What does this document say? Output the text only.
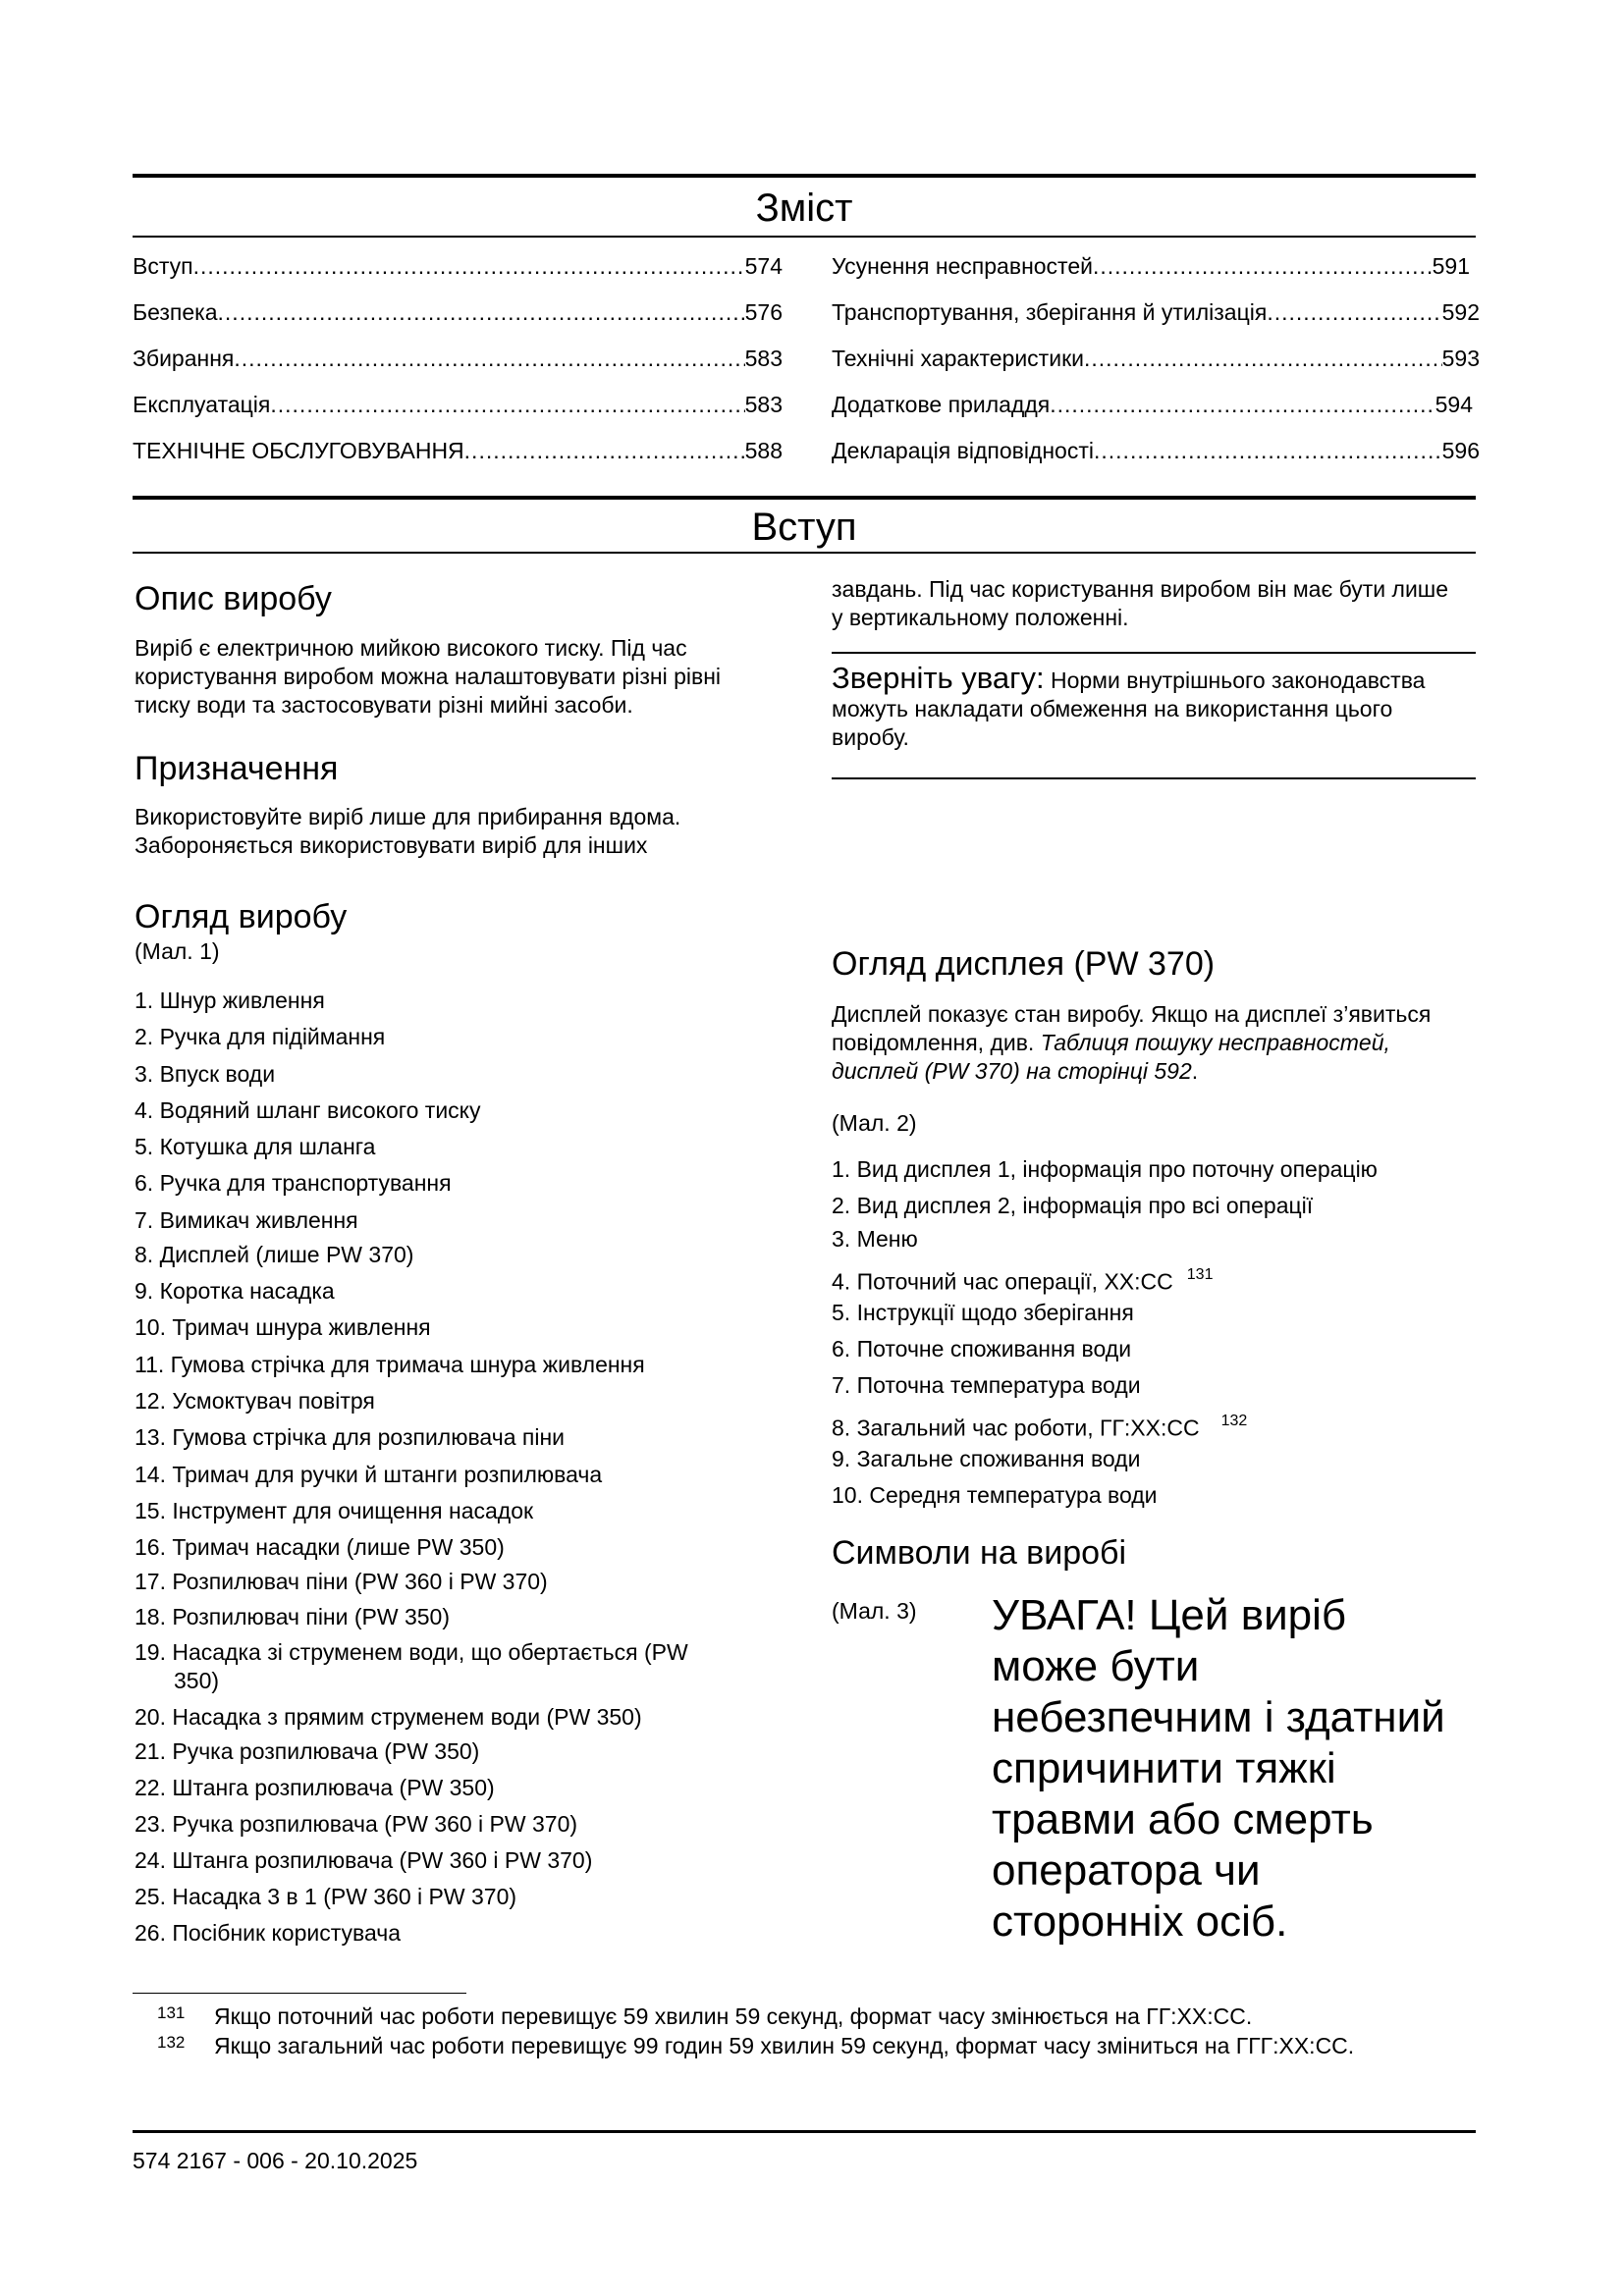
Зміст
Вступ .....	574
Безпека .....	576
Збирання .....	583
Експлуатація .....	583
ТЕХНІЧНЕ ОБСЛУГОВУВАННЯ .....	588
Усунення несправностей .....	591
Транспортування, зберігання й утилізація .....	592
Технічні характеристики .....	593
Додаткове приладдя .....	594
Декларація відповідності .....	596
Вступ
Опис виробу
Виріб є електричною мийкою високого тиску. Під час користування виробом можна налаштовувати різні рівні тиску води та застосовувати різні мийні засоби.
Призначення
Використовуйте виріб лише для прибирання вдома. Забороняється використовувати виріб для інших
Огляд виробу
(Мал. 1)
1. Шнур живлення
2. Ручка для підіймання
3. Впуск води
4. Водяний шланг високого тиску
5. Котушка для шланга
6. Ручка для транспортування
7. Вимикач живлення
8. Дисплей (лише PW 370)
9. Коротка насадка
10. Тримач шнура живлення
11. Гумова стрічка для тримача шнура живлення
12. Усмоктувач повітря
13. Гумова стрічка для розпилювача піни
14. Тримач для ручки й штанги розпилювача
15. Інструмент для очищення насадок
16. Тримач насадки (лише PW 350)
17. Розпилювач піни (PW 360 і PW 370)
18. Розпилювач піни (PW 350)
19. Насадка зі струменем води, що обертається (PW
350)
20. Насадка з прямим струменем води (PW 350)
21. Ручка розпилювача (PW 350)
22. Штанга розпилювача (PW 350)
23. Ручка розпилювача (PW 360 і PW 370)
24. Штанга розпилювача (PW 360 і PW 370)
25. Насадка 3 в 1 (PW 360 і PW 370)
26. Посібник користувача
завдань. Під час користування виробом він має бути лише у вертикальному положенні.
Зверніть увагу: Норми внутрішнього законодавства можуть накладати обмеження на використання цього виробу.
Огляд дисплея (PW 370)
Дисплей показує стан виробу. Якщо на дисплеї з’явиться повідомлення, див. Таблиця пошуку несправностей, дисплей (PW 370) на сторінці 592.
(Мал. 2)
1. Вид дисплея 1, інформація про поточну операцію
2. Вид дисплея 2, інформація про всі операції
3. Меню
4. Поточний час операції, ХХ:СС $^{131}$
5. Інструкції щодо зберігання
6. Поточне споживання води
7. Поточна температура води
8. Загальний час роботи, ГГ:ХХ:СС $^{132}$
9. Загальне споживання води
10. Середня температура води
Символи на виробі
(Мал. 3) УВАГА! Цей виріб може бути небезпечним і здатний спричинити тяжкі травми або смерть оператора чи сторонніх осіб.
131 Якщо поточний час роботи перевищує 59 хвилин 59 секунд, формат часу змінюється на ГГ:ХХ:СС.
132 Якщо загальний час роботи перевищує 99 годин 59 хвилин 59 секунд, формат часу зміниться на ГГГ:ХХ:СС.
574 2167 - 006 - 20.10.2025
